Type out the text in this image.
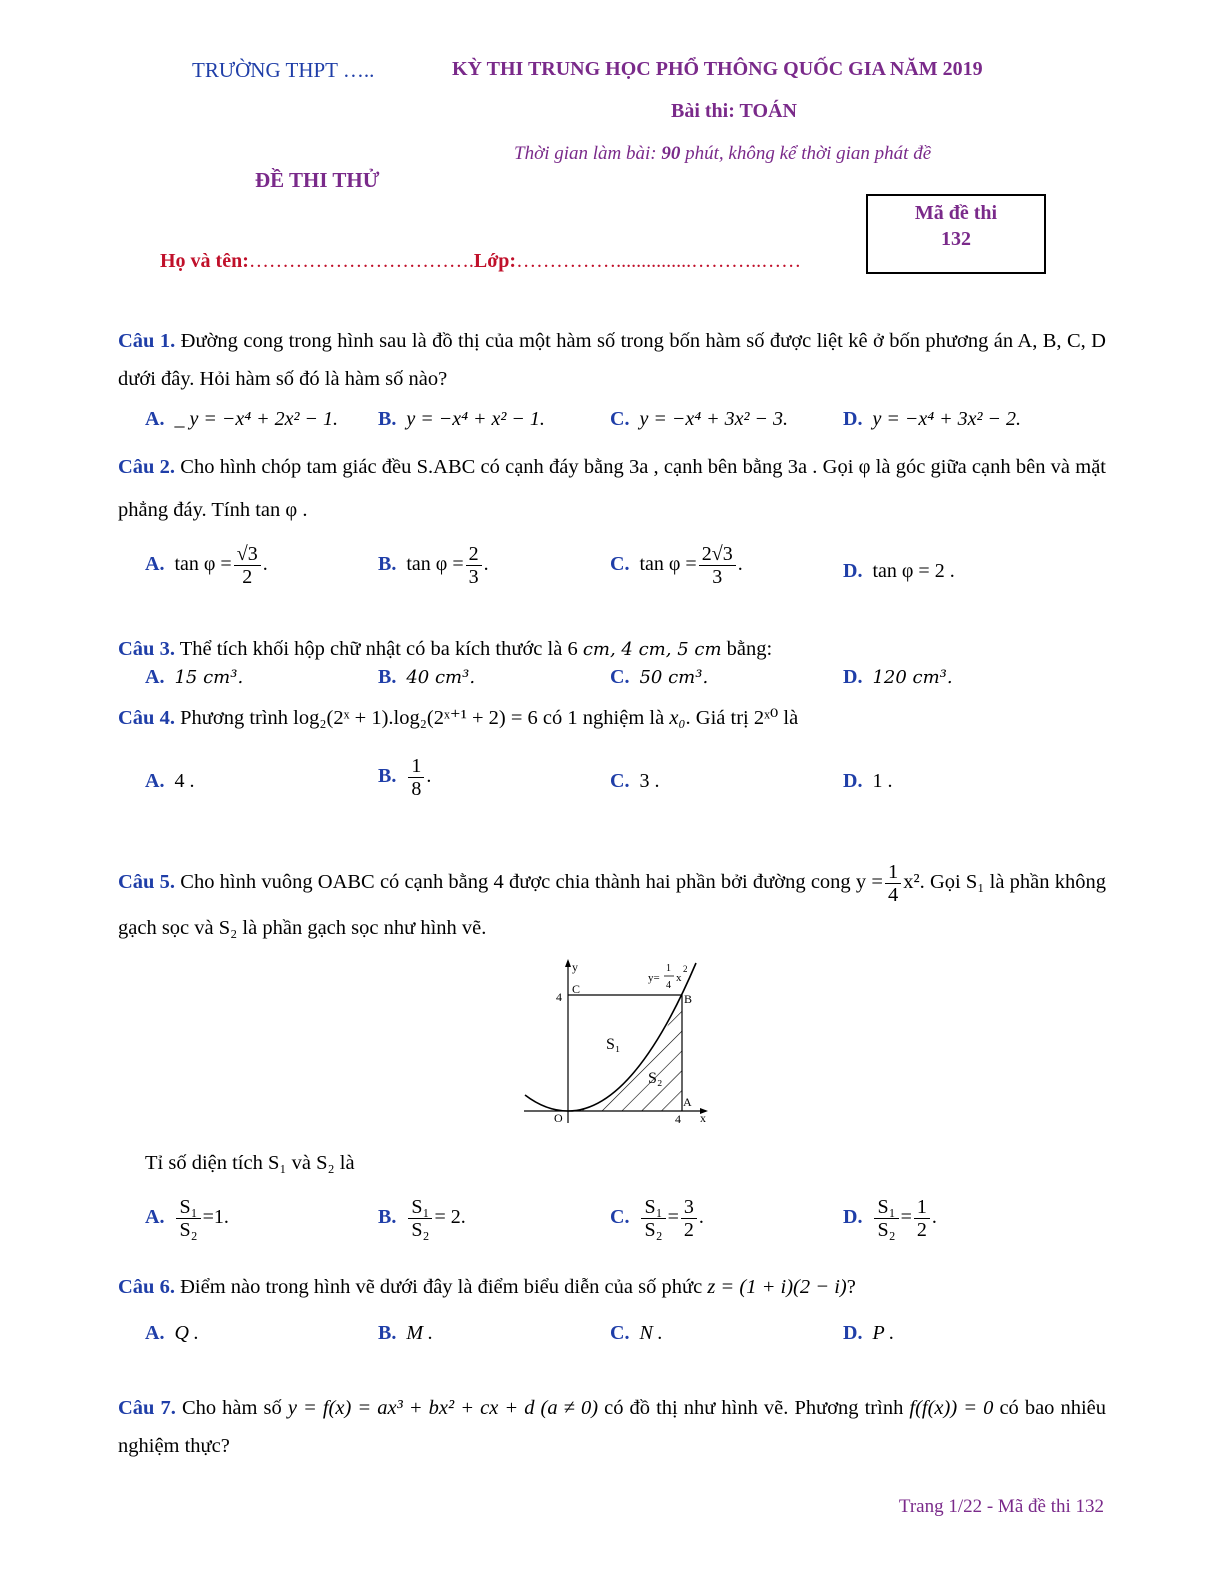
TRƯỜNG THPT …..	KỲ THI TRUNG HỌC PHỔ THÔNG QUỐC GIA NĂM 2019
Bài thi: TOÁN
Thời gian làm bài: 90 phút, không kể thời gian phát đề
ĐỀ THI THỬ
Mã đề thi
132
Họ và tên:…………………………….Lớp:……………...............………..……
Câu 1. Đường cong trong hình sau là đồ thị của một hàm số trong bốn hàm số được liệt kê ở bốn phương án A, B, C, D dưới đây. Hỏi hàm số đó là hàm số nào?
A. _ y = −x⁴ + 2x² − 1. B. y = −x⁴ + x² − 1.	C. y = −x⁴ + 3x² − 3.	D. y = −x⁴ + 3x² − 2.
Câu 2. Cho hình chóp tam giác đều S.ABC có cạnh đáy bằng 3a , cạnh bên bằng 3a . Gọi φ là góc giữa cạnh bên và mặt phẳng đáy. Tính tan φ .
A. $\tan \varphi = \frac{√3}{2}$ .	B. $\tan \varphi = \frac{2}{3}$ .	C. $\tan \varphi = \frac{2√3}{3}$ .	D. tan φ = 2 .
Câu 3. Thể tích khối hộp chữ nhật có ba kích thước là 6 cm, 4 cm, 5 cm bằng:
A. 15 cm³.	B. 40 cm³.	C. 50 cm³.	D. 120 cm³.
Câu 4. Phương trình log₂(2ˣ + 1).log₂(2ˣ⁺¹ + 2) = 6 có 1 nghiệm là x₀. Giá trị 2ˣ⁰ là
A. 4 .	B. $\frac{1}{8}$ .	C. 3 .	D. 1 .
Câu 5. Cho hình vuông OABC có cạnh bằng 4 được chia thành hai phần bởi đường cong $y = \frac{1}{4} x^2$. Gọi S₁ là phần không gạch sọc và S₂ là phần gạch sọc như hình vẽ.
y
x
C
4	B
A
O	4
S₁
S₂
y=
1
4
x
2
Tỉ số diện tích S₁ và S₂ là
A. $\frac{\text{S₁}}{\text{S₂}} =1$.	B. $\frac{\text{S₁}}{\text{S₂}} = 2$.	C. $\frac{\text{S₁}}{\text{S₂}} = \frac{3}{2}$ .	D. $\frac{\text{S₁}}{\text{S₂}} = \frac{1}{2}$ .
Câu 6. Điểm nào trong hình vẽ dưới đây là điểm biểu diễn của số phức z = (1 + i)(2 − i)?
A. Q .	B. M .	C. N .	D. P .
Câu 7. Cho hàm số y = f(x) = ax³ + bx² + cx + d (a ≠ 0) có đồ thị như hình vẽ. Phương trình f(f(x)) = 0 có bao nhiêu nghiệm thực?
Trang 1/22 - Mã đề thi 132
